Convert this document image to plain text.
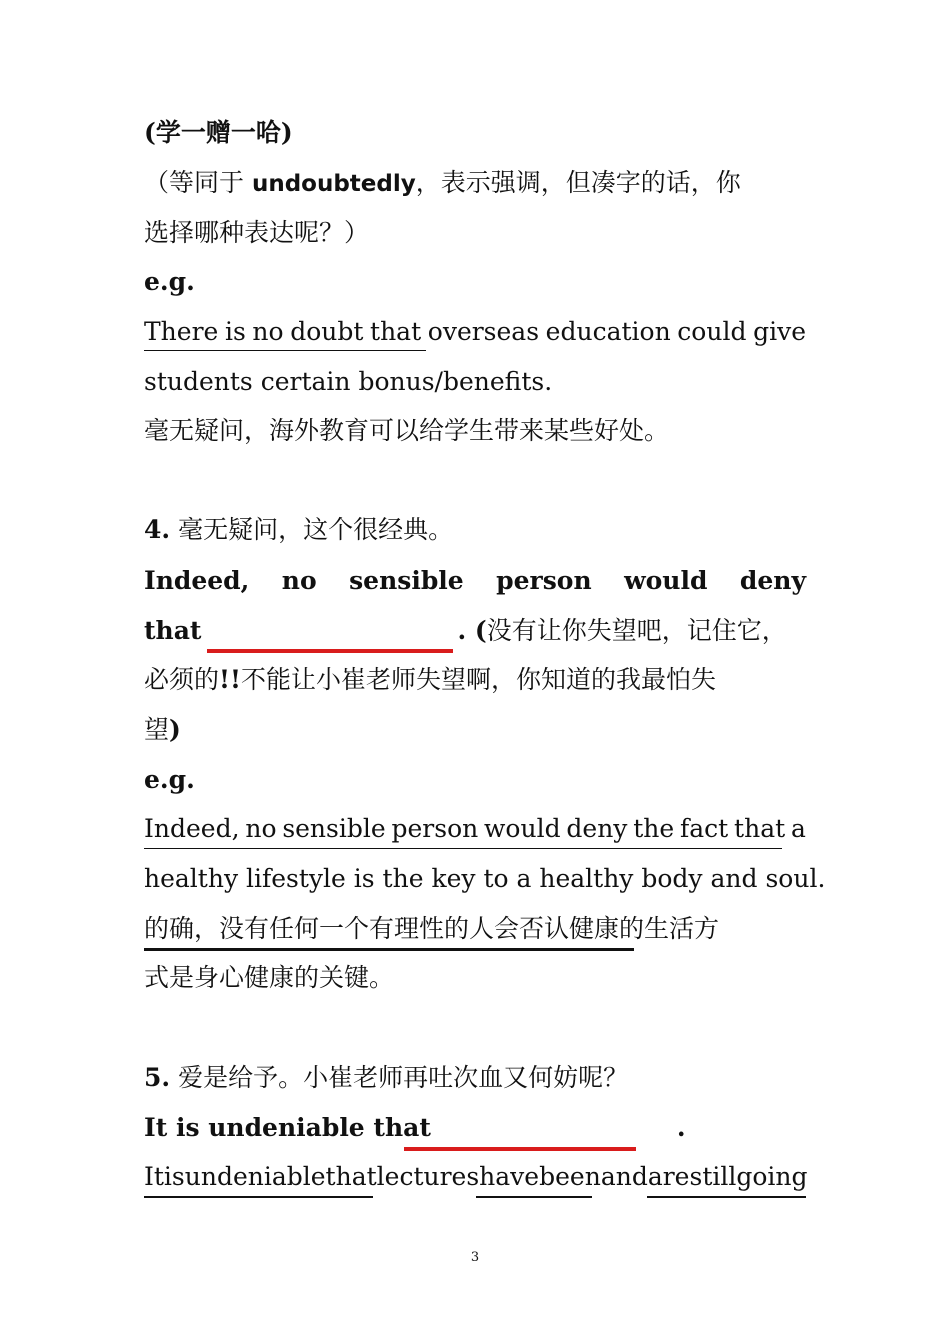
(学一赠一哈)
（等同于 undoubtedly，表示强调，但凑字的话，你
选择哪种表达呢？）
e.g.
There is no doubt that overseas education could give
students certain bonus/benefits.
毫无疑问，海外教育可以给学生带来某些好处。
4. 毫无疑问，这个很经典。
Indeed, no sensible person would deny
that	. (没有让你失望吧，记住它，
必须的!!不能让小崔老师失望啊，你知道的我最怕失
望)
e.g.
Indeed, no sensible person would deny the fact that a
healthy lifestyle is the key to a healthy body and soul.
的确，没有任何一个有理性的人会否认健康的生活方
式是身心健康的关键。
5. 爱是给予。小崔老师再吐次血又何妨呢？
It is undeniable that	.
It is undeniable that lectures have been and are still going
3
